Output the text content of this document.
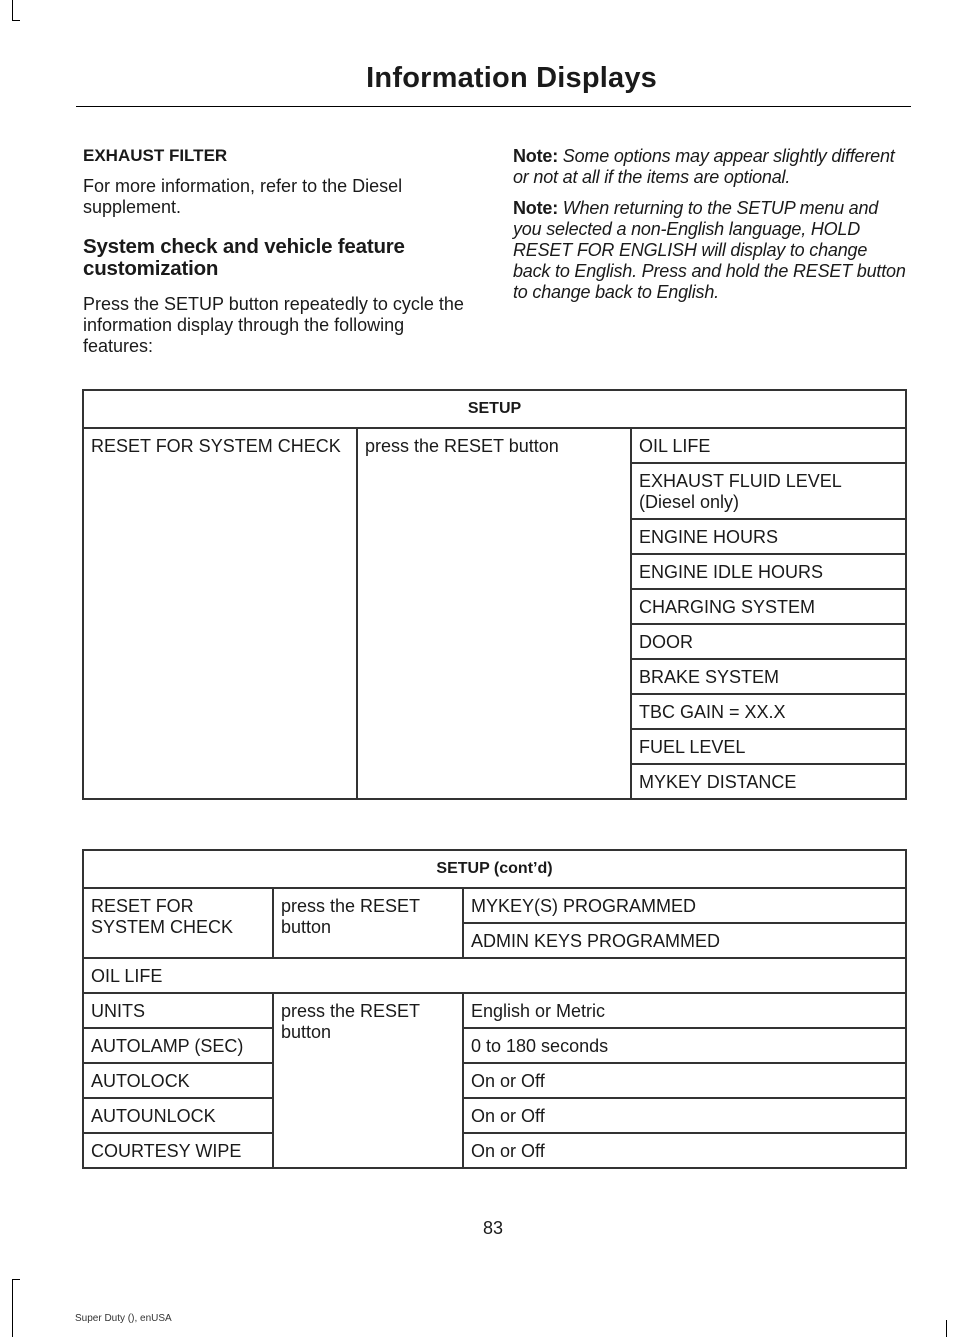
Information Displays
EXHAUST FILTER

For more information, refer to the Diesel supplement.

System check and vehicle feature customization

Press the SETUP button repeatedly to cycle the information display through the following features:

Note: Some options may appear slightly different or not at all if the items are optional.

Note: When returning to the SETUP menu and you selected a non-English language, HOLD RESET FOR ENGLISH will display to change back to English. Press and hold the RESET button to change back to English.

SETUP
RESET FOR SYSTEM CHECK	press the RESET button	OIL LIFE
EXHAUST FLUID LEVEL (Diesel only)
ENGINE HOURS
ENGINE IDLE HOURS
CHARGING SYSTEM
DOOR
BRAKE SYSTEM
TBC GAIN = XX.X
FUEL LEVEL
MYKEY DISTANCE
SETUP (cont’d)		
RESET FOR SYSTEM CHECK	press the RESET button	MYKEY(S) PROGRAMMED
		ADMIN KEYS PROGRAMMED
OIL LIFE		
UNITS	press the RESET button	English or Metric
AUTOLAMP (SEC)		0 to 180 seconds
AUTOLOCK		On or Off
AUTOUNLOCK		On or Off
COURTESY WIPE		On or Off
83
Super Duty (), enUSA
